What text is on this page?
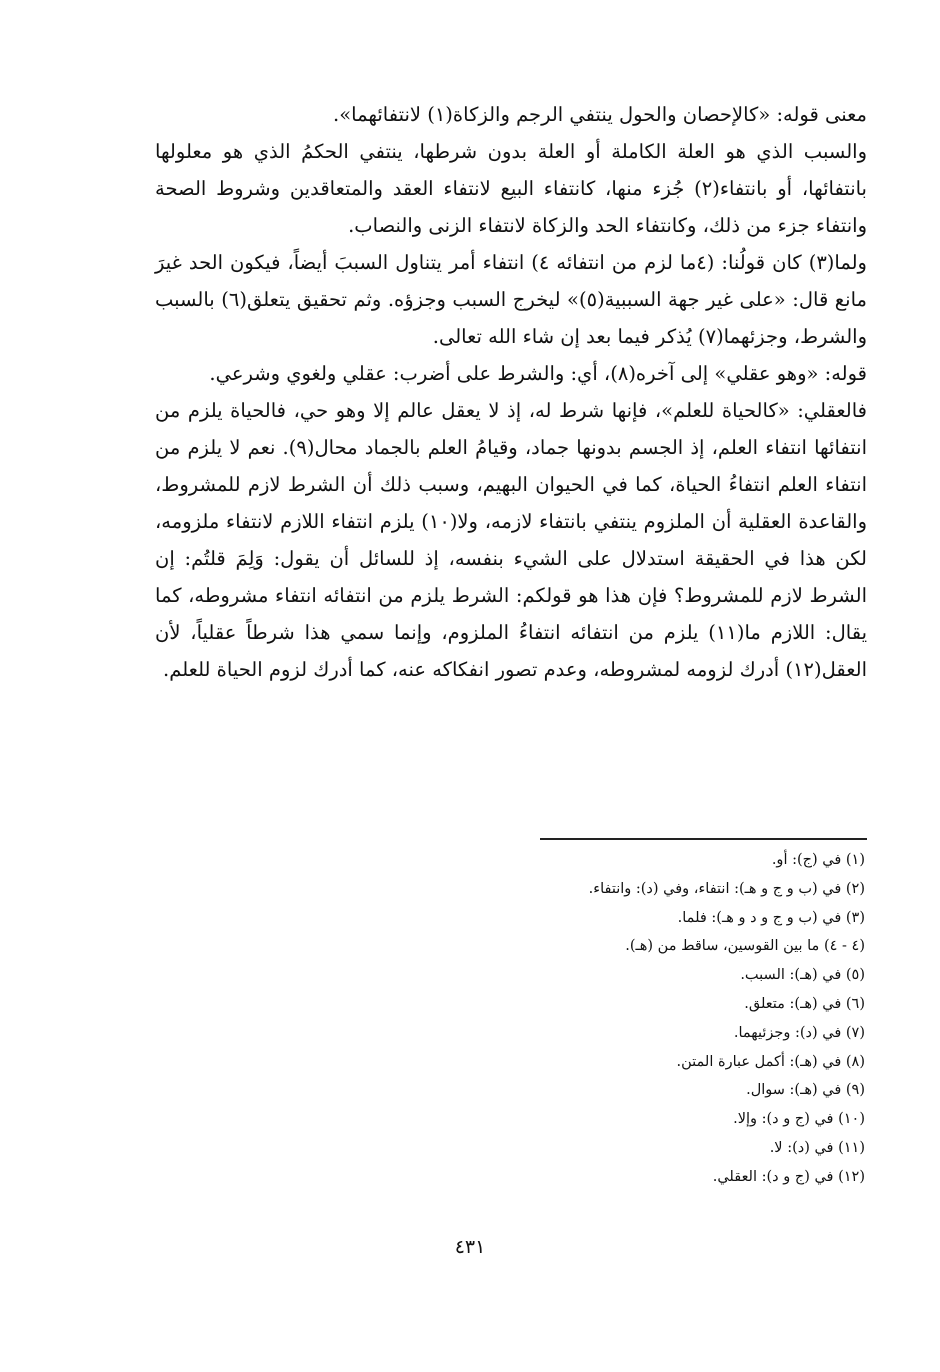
معنى قوله: «كالإحصان والحول ينتفي الرجم والزكاة(١) لانتفائهما».

والسبب الذي هو العلة الكاملة أو العلة بدون شرطها، ينتفي الحكمُ الذي هو معلولها بانتفائها، أو بانتفاء(٢) جُزء منها، كانتفاء البيع لانتفاء العقد والمتعاقدين وشروط الصحة وانتفاء جزء من ذلك، وكانتفاء الحد والزكاة لانتفاء الزنى والنصاب.

ولما(٣) كان قولُنا: (٤ما لزم من انتفائه ٤) انتفاء أمر يتناول السببَ أيضاً، فيكون الحد غيرَ مانع قال: «على غير جهة السببية(٥)» ليخرج السبب وجزؤه. وثم تحقيق يتعلق(٦) بالسبب والشرط، وجزئهما(٧) يُذكر فيما بعد إن شاء الله تعالى.

قوله: «وهو عقلي» إلى آخره(٨)، أي: والشرط على أضرب: عقلي ولغوي وشرعي.

فالعقلي: «كالحياة للعلم»، فإنها شرط له، إذ لا يعقل عالم إلا وهو حي، فالحياة يلزم من انتفائها انتفاء العلم، إذ الجسم بدونها جماد، وقيامُ العلم بالجماد محال(٩). نعم لا يلزم من انتفاء العلم انتفاءُ الحياة، كما في الحيوان البهيم، وسبب ذلك أن الشرط لازم للمشروط، والقاعدة العقلية أن الملزوم ينتفي بانتفاء لازمه، ولا(١٠) يلزم انتفاء اللازم لانتفاء ملزومه، لكن هذا في الحقيقة استدلال على الشيء بنفسه، إذ للسائل أن يقول: وَلِمَ قلتُم: إن الشرط لازم للمشروط؟ فإن هذا هو قولكم: الشرط يلزم من انتفائه انتفاء مشروطه، كما يقال: اللازم ما(١١) يلزم من انتفائه انتفاءُ الملزوم، وإنما سمي هذا شرطاً عقلياً، لأن العقل(١٢) أدرك لزومه لمشروطه، وعدم تصور انفكاكه عنه، كما أدرك لزوم الحياة للعلم.

(١) في (ج): أو.

(٢) في (ب و ج و هـ): انتفاء، وفي (د): وانتفاء.

(٣) في (ب و ج و د و هـ): فلما.

(٤ - ٤) ما بين القوسين، ساقط من (هـ).

(٥) في (هـ): السبب.

(٦) في (هـ): متعلق.

(٧) في (د): وجزئيهما.

(٨) في (هـ): أكمل عبارة المتن.

(٩) في (هـ): سوال.

(١٠) في (ج و د): وإلا.

(١١) في (د): لا.

(١٢) في (ج و د): العقلي.

٤٣١
